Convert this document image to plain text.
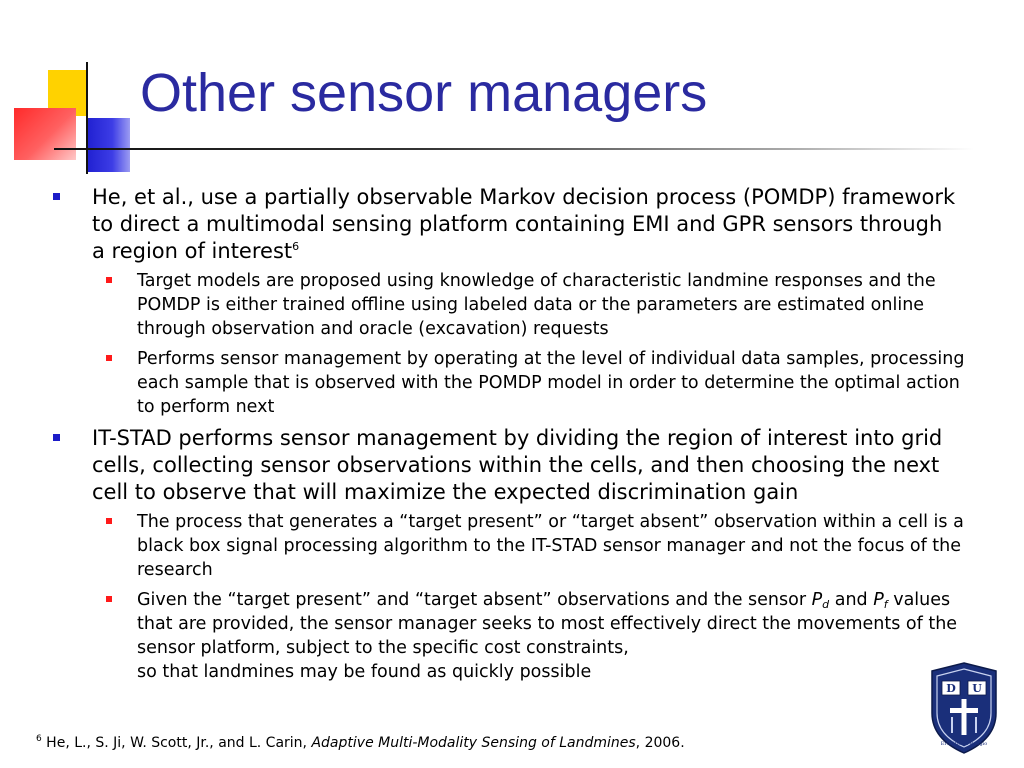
Other sensor managers
He, et al., use a partially observable Markov decision process (POMDP) framework to direct a multimodal sensing platform containing EMI and GPR sensors through a region of interest$^6$
Target models are proposed using knowledge of characteristic landmine responses and the POMDP is either trained offline using labeled data or the parameters are estimated online through observation and oracle (excavation) requests
Performs sensor management by operating at the level of individual data samples, processing each sample that is observed with the POMDP model in order to determine the optimal action to perform next
IT-STAD performs sensor management by dividing the region of interest into grid cells, collecting sensor observations within the cells, and then choosing the next cell to observe that will maximize the expected discrimination gain
The process that generates a “target present” or “target absent” observation within a cell is a black box signal processing algorithm to the IT-STAD sensor manager and not the focus of the research
Given the “target present” and “target absent” observations and the sensor $P_d$ and $P_f$ values that are provided, the sensor manager seeks to most effectively direct the movements of the sensor platform, subject to the specific cost constraints,
so that landmines may be found as quickly possible
$^6$ He, L., S. Ji, W. Scott, Jr., and L. Carin, Adaptive Multi-Modality Sensing of Landmines, 2006.
D U
Eruditio et Religio
